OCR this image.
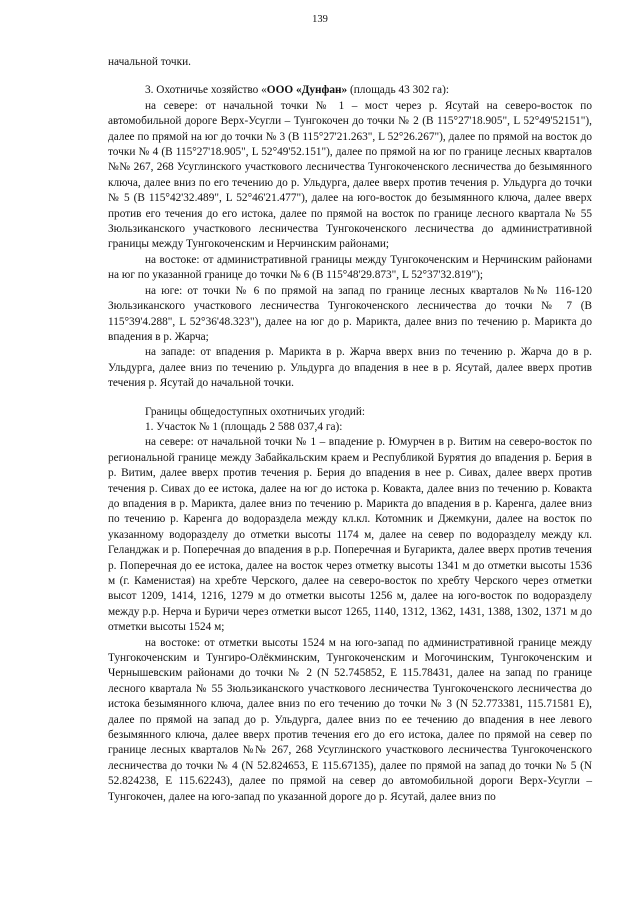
139

начальной точки.

3. Охотничье хозяйство «ООО «Дунфан» (площадь 43 302 га):

на севере: от начальной точки № 1 – мост через р. Ясутай на северо-восток по автомобильной дороге Верх-Усугли – Тунгокочен до точки № 2 (В 115°27'18.905", L 52°49'52151"), далее по прямой на юг до точки № 3 (В 115°27'21.263", L 52°26.267"), далее по прямой на восток до точки № 4 (В 115°27'18.905", L 52°49'52.151"), далее по прямой на юг по границе лесных кварталов №№ 267, 268 Усуглинского участкового лесничества Тунгокоченского лесничества до безымянного ключа, далее вниз по его течению до р. Ульдурга, далее вверх против течения р. Ульдурга до точки № 5 (В 115°42'32.489", L 52°46'21.477"), далее на юго-восток до безымянного ключа, далее вверх против его течения до его истока, далее по прямой на восток по границе лесного квартала № 55 Зюльзиканского участкового лесничества Тунгокоченского лесничества до административной границы между Тунгокоченским и Нерчинским районами;

на востоке: от административной границы между Тунгокоченским и Нерчинским районами на юг по указанной границе до точки № 6 (В 115°48'29.873", L 52°37'32.819");

на юге: от точки № 6 по прямой на запад по границе лесных кварталов №№ 116-120 Зюльзиканского участкового лесничества Тунгокоченского лесничества до точки № 7 (В 115°39'4.288", L 52°36'48.323"), далее на юг до р. Марикта, далее вниз по течению р. Марикта до впадения в р. Жарча;

на западе: от впадения р. Марикта в р. Жарча вверх вниз по течению р. Жарча до в р. Ульдурга, далее вниз по течению р. Ульдурга до впадения в нее в р. Ясутай, далее вверх против течения р. Ясутай до начальной точки.

Границы общедоступных охотничьих угодий:

1. Участок № 1 (площадь 2 588 037,4 га):

на севере: от начальной точки № 1 – впадение р. Юмурчен в р. Витим на северо-восток по региональной границе между Забайкальским краем и Республикой Бурятия до впадения р. Берия в р. Витим, далее вверх против течения р. Берия до впадения в нее р. Сивах, далее вверх против течения р. Сивах до ее истока, далее на юг до истока р. Ковакта, далее вниз по течению р. Ковакта до впадения в р. Марикта, далее вниз по течению р. Марикта до впадения в р. Каренга, далее вниз по течению р. Каренга до водораздела между кл.кл. Котомник и Джемкуни, далее на восток по указанному водоразделу до отметки высоты 1174 м, далее на север по водоразделу между кл. Геланджак и р. Поперечная до впадения в р.р. Поперечная и Бугарикта, далее вверх против течения р. Поперечная до ее истока, далее на восток через отметку высоты 1341 м до отметки высоты 1536 м (г. Каменистая) на хребте Черского, далее на северо-восток по хребту Черского через отметки высот 1209, 1414, 1216, 1279 м до отметки высоты 1256 м, далее на юго-восток по водоразделу между р.р. Нерча и Буричи через отметки высот 1265, 1140, 1312, 1362, 1431, 1388, 1302, 1371 м до отметки высоты 1524 м;

на востоке: от отметки высоты 1524 м на юго-запад по административной границе между Тунгокоченским и Тунгиро-Олёкминским, Тунгокоченским и Могочинским, Тунгокоченским и Чернышевским районами до точки № 2 (N 52.745852, E 115.78431, далее на запад по границе лесного квартала № 55 Зюльзиканского участкового лесничества Тунгокоченского лесничества до истока безымянного ключа, далее вниз по его течению до точки № 3 (N 52.773381, 115.71581 E), далее по прямой на запад до р. Ульдурга, далее вниз по ее течению до впадения в нее левого безымянного ключа, далее вверх против течения его до его истока, далее по прямой на север по границе лесных кварталов №№ 267, 268 Усуглинского участкового лесничества Тунгокоченского лесничества до точки № 4 (N 52.824653, E 115.67135), далее по прямой на запад до точки № 5 (N 52.824238, E 115.62243), далее по прямой на север до автомобильной дороги Верх-Усугли – Тунгокочен, далее на юго-запад по указанной дороге до р. Ясутай, далее вниз по
